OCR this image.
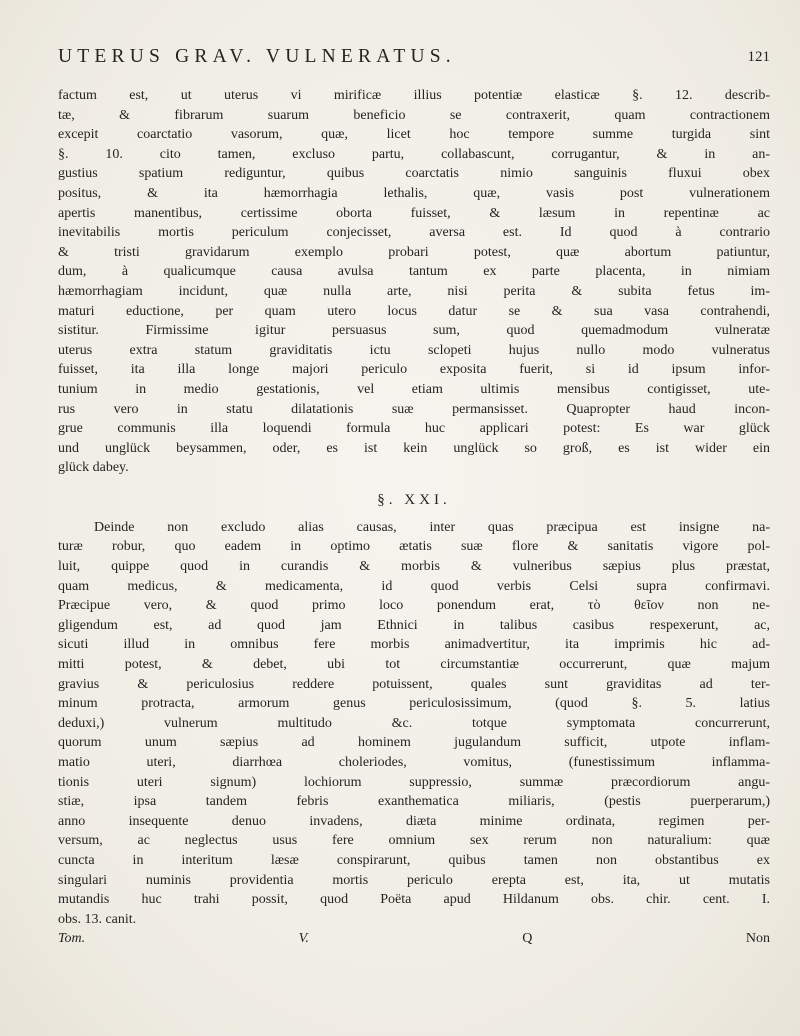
UTERUS GRAV. VULNERATUS.	121
factum est, ut uterus vi mirificæ illius potentiæ elasticæ §. 12. describ-
tæ, & fibrarum suarum beneficio se contraxerit, quam contractionem
excepit coarctatio vasorum, quæ, licet hoc tempore summe turgida sint
§. 10. cito tamen, excluso partu, collabascunt, corrugantur, & in an-
gustius spatium rediguntur, quibus coarctatis nimio sanguinis fluxui obex
positus, & ita hæmorrhagia lethalis, quæ, vasis post vulnerationem
apertis manentibus, certissime oborta fuisset, & læsum in repentinæ ac
inevitabilis mortis periculum conjecisset, aversa est. Id quod à contrario
& tristi gravidarum exemplo probari potest, quæ abortum patiuntur,
dum, à qualicumque causa avulsa tantum ex parte placenta, in nimiam
hæmorrhagiam incidunt, quæ nulla arte, nisi perita & subita fetus im-
maturi eductione, per quam utero locus datur se & sua vasa contrahendi,
sistitur. Firmissime igitur persuasus sum, quod quemadmodum vulneratæ
uterus extra statum graviditatis ictu sclopeti hujus nullo modo vulneratus
fuisset, ita illa longe majori periculo exposita fuerit, si id ipsum infor-
tunium in medio gestationis, vel etiam ultimis mensibus contigisset, ute-
rus vero in statu dilatationis suæ permansisset. Quapropter haud incon-
grue communis illa loquendi formula huc applicari potest: Es war glück
und unglück beysammen, oder, es ist kein unglück so groß, es ist wider ein
glück dabey.
§. XXI.
Deinde non excludo alias causas, inter quas præcipua est insigne na-
turæ robur, quo eadem in optimo ætatis suæ flore & sanitatis vigore pol-
luit, quippe quod in curandis & morbis & vulneribus sæpius plus præstat,
quam medicus, & medicamenta, id quod verbis Celsi supra confirmavi.
Præcipue vero, & quod primo loco ponendum erat, τὸ θεῖον non ne-
gligendum est, ad quod jam Ethnici in talibus casibus respexerunt, ac,
sicuti illud in omnibus fere morbis animadvertitur, ita imprimis hic ad-
mitti potest, & debet, ubi tot circumstantiæ occurrerunt, quæ majum
gravius & periculosius reddere potuissent, quales sunt graviditas ad ter-
minum protracta, armorum genus periculosissimum, (quod §. 5. latius
deduxi,) vulnerum multitudo &c. totque symptomata concurrerunt,
quorum unum sæpius ad hominem jugulandum sufficit, utpote inflam-
matio uteri, diarrhœa choleriodes, vomitus, (funestissimum inflamma-
tionis uteri signum) lochiorum suppressio, summæ præcordiorum angu-
stiæ, ipsa tandem febris exanthematica miliaris, (pestis puerperarum,)
anno insequente denuo invadens, diæta minime ordinata, regimen per-
versum, ac neglectus usus fere omnium sex rerum non naturalium: quæ
cuncta in interitum læsæ conspirarunt, quibus tamen non obstantibus ex
singulari numinis providentia mortis periculo erepta est, ita, ut mutatis
mutandis huc trahi possit, quod Poëta apud Hildanum obs. chir. cent. I.
obs. 13. canit.
Tom. V.	Q	Non
